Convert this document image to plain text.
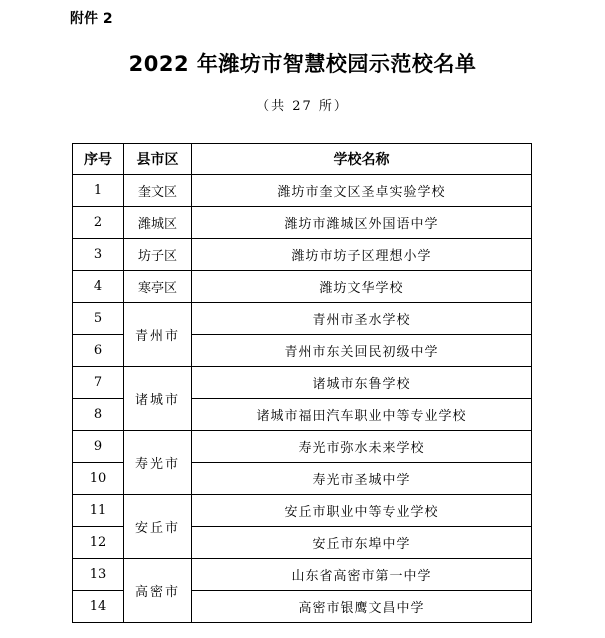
附件 2
2022 年潍坊市智慧校园示范校名单
（共 27 所）
序号	县市区	学校名称
1	奎文区	潍坊市奎文区圣卓实验学校
2	潍城区	潍坊市潍城区外国语中学
3	坊子区	潍坊市坊子区理想小学
4	寒亭区	潍坊文华学校
5	青州市	青州市圣水学校
6		青州市东关回民初级中学
7	诸城市	诸城市东鲁学校
8		诸城市福田汽车职业中等专业学校
9	寿光市	寿光市弥水未来学校
10		寿光市圣城中学
11	安丘市	安丘市职业中等专业学校
12		安丘市东埠中学
13	高密市	山东省高密市第一中学
14		高密市银鹰文昌中学
